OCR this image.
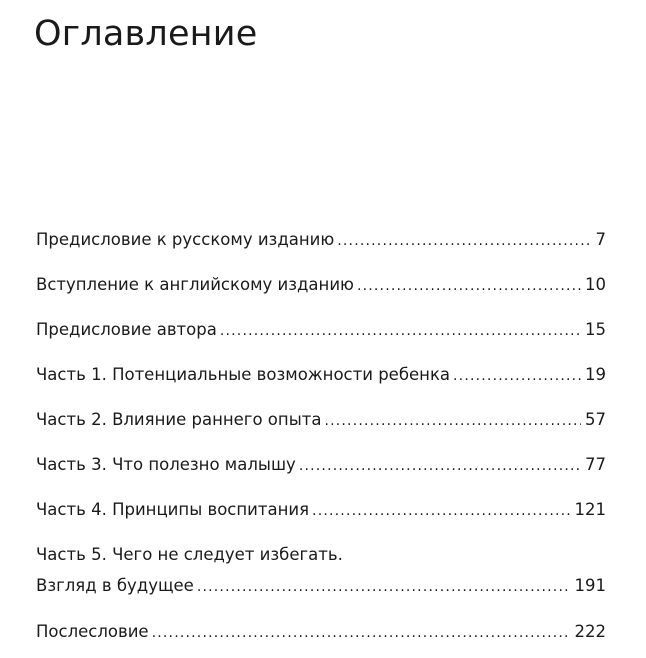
Оглавление
Предисловие к русскому изданию .....	7
Вступление к английскому изданию .....	10
Предисловие автора .....	15
Часть 1. Потенциальные возможности ребенка .....	19
Часть 2. Влияние раннего опыта .....	57
Часть 3. Что полезно малышу .....	77
Часть 4. Принципы воспитания .....	121
Часть 5. Чего не следует избегать.
Взгляд в будущее .....	191
Послесловие .....	222
